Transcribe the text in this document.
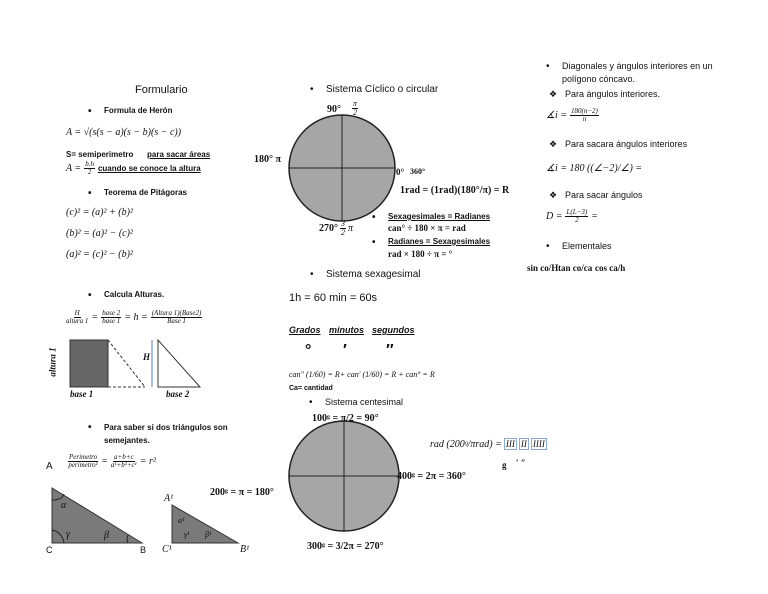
Formulario
• Formula de Herón
A = √(s(s − a)(s − b)(s − c))
S= semiperimetro para sacar áreas
$A = \frac{b.h}{2}$ cuando se conoce la altura
• Teorema de Pitágoras
(c)² = (a)² + (b)²
(b)² = (a)² − (c)²
(a)² = (c)² − (b)²
• Calcula Alturas.
$\frac{H}{\text{altura 1}} = \frac{\text{base 2}}{\text{base 1}} = h = \frac{\text{(Altura 1)(Base2)}}{\text{Base 1}}$
altura 1
base 1	base 2
H
• Para saber si dos triángulos son semejantes.
A $\frac{\text{Perimetro}}{\text{perimetro¹}} = \frac{a+b+c}{\text{a¹+b¹+c¹}} = r^2$
α
γ	β
C	B
A¹
α¹
γ¹ β¹
C¹	B¹
• Sistema Cíclico o circular
$90^\circ \frac{\pi}{2}$
180° π
0° 360°
1rad = (1rad)(180°/π) = R
$270^\circ \frac{3}{2}$ π
• Sexagesimales = Radianes
can° ÷ 180 × π = rad
• Radianes = Sexagesimales
rad × 180 ÷ π = °
• Sistema sexagesimal
1h = 60 min = 60s
Grados minutos segundos
° ′ ″
can" (1/60) = R+ can′ (1/60) = R + can° = R
Ca= cantidad
• Sistema centesimal
100ᵍ = π/2 = 90°
200ᵍ = π = 180°
400ᵍ = 2π = 360°
300ᵍ = 3/2π = 270°
rad (200ᵍ/πrad) = III II IIII
g ′ ″
• Diagonales y ángulos interiores en un polígono cóncavo.
❖ Para ángulos interiores.
∡i = $\frac{180(n-2)}{n}$
❖ Para sacara ángulos interiores
∡i = 180 ((∠−2)/∠) =
❖ Para sacar ángulos
$D = \frac{L(L-3)}{2}$ =
• Elementales
sin co/H tan co/ca cos ca/h
